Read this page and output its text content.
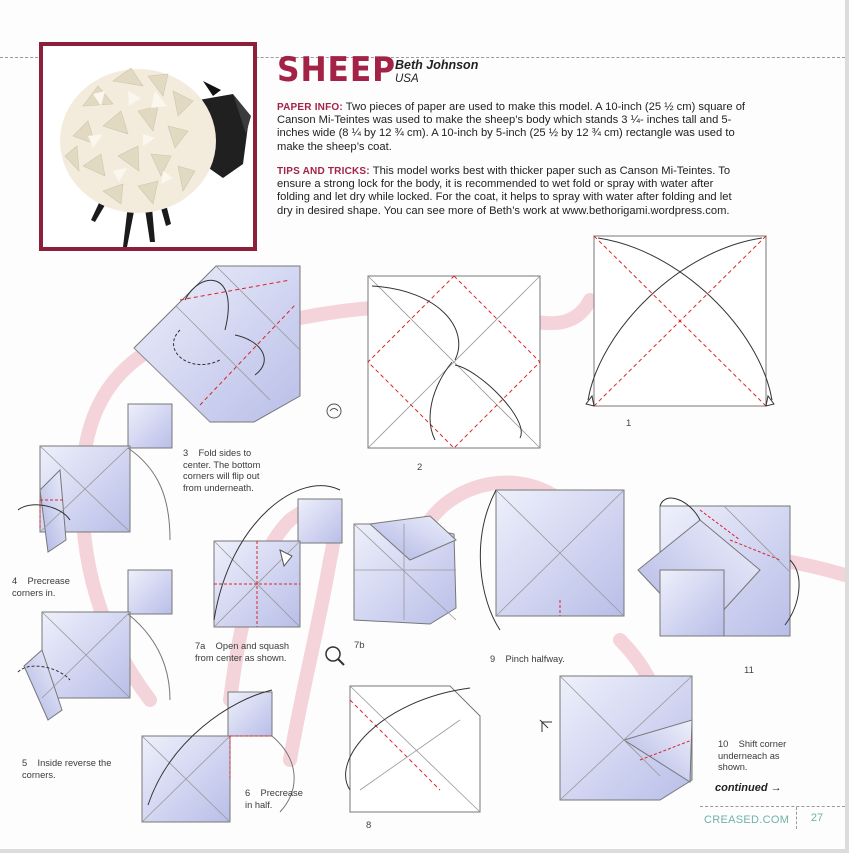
SHEEP Beth Johnson
USA

PAPER INFO: Two pieces of paper are used to make this model. A 10-inch (25 ½ cm) square of Canson Mi-Teintes was used to make the sheep’s body which stands 3 ¼- inches tall and 5-inches wide (8 ¼ by 12 ¾ cm). A 10-inch by 5-inch (25 ½ by 12 ¾ cm) rectangle was used to make the sheep’s coat.

TIPS AND TRICKS: This model works best with thicker paper such as Canson Mi-Teintes. To ensure a strong lock for the body, it is recommended to wet fold or spray with water after folding and let dry while locked. For the coat, it helps to spray with water after folding and let dry in desired shape. You can see more of Beth’s work at www.bethorigami.wordpress.com.

1
2
3    Fold sides to
center. The bottom
corners will flip out
from underneath.
4    Precrease
corners in.
5    Inside reverse the
corners.
6    Precrease
in half.
7a    Open and squash
from center as shown.
7b
8
9    Pinch halfway.
10    Shift corner
underneach as
shown.
11
continued →
CREASED.COM	27
